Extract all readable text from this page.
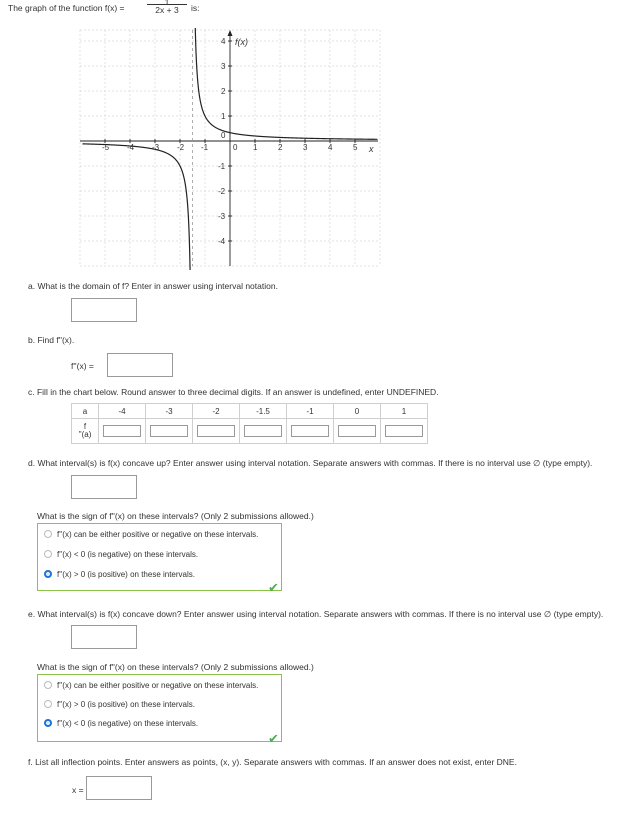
The graph of the function f(x) =	$\frac{1}{2x + 3}$ is:
f(x)
x
-5 -4 -3 -2 -1	0 1	2	3	4	5
4
3
2
1
0
-1
-2
-3
-4
a. What is the domain of f? Enter in answer using interval notation.
b. Find f''(x).
f''(x) =
c. Fill in the chart below. Round answer to three decimal digits. If an answer is undefined, enter UNDEFINED.
a	-4	-3	-2	-1.5	-1	0	1

f
''(a)							

d. What interval(s) is f(x) concave up? Enter answer using interval notation. Separate answers with commas. If there is no interval use ∅ (type empty).
What is the sign of f''(x) on these intervals? (Only 2 submissions allowed.)
f''(x) can be either positive or negative on these intervals.
f''(x) < 0 (is negative) on these intervals.
f''(x) > 0 (is positive) on these intervals.
✔
e. What interval(s) is f(x) concave down? Enter answer using interval notation. Separate answers with commas. If there is no interval use ∅ (type empty).
What is the sign of f''(x) on these intervals? (Only 2 submissions allowed.)
f''(x) can be either positive or negative on these intervals.
f''(x) > 0 (is positive) on these intervals.
f''(x) < 0 (is negative) on these intervals.
✔
f. List all inflection points. Enter answers as points, (x, y). Separate answers with commas. If an answer does not exist, enter DNE.
x =
